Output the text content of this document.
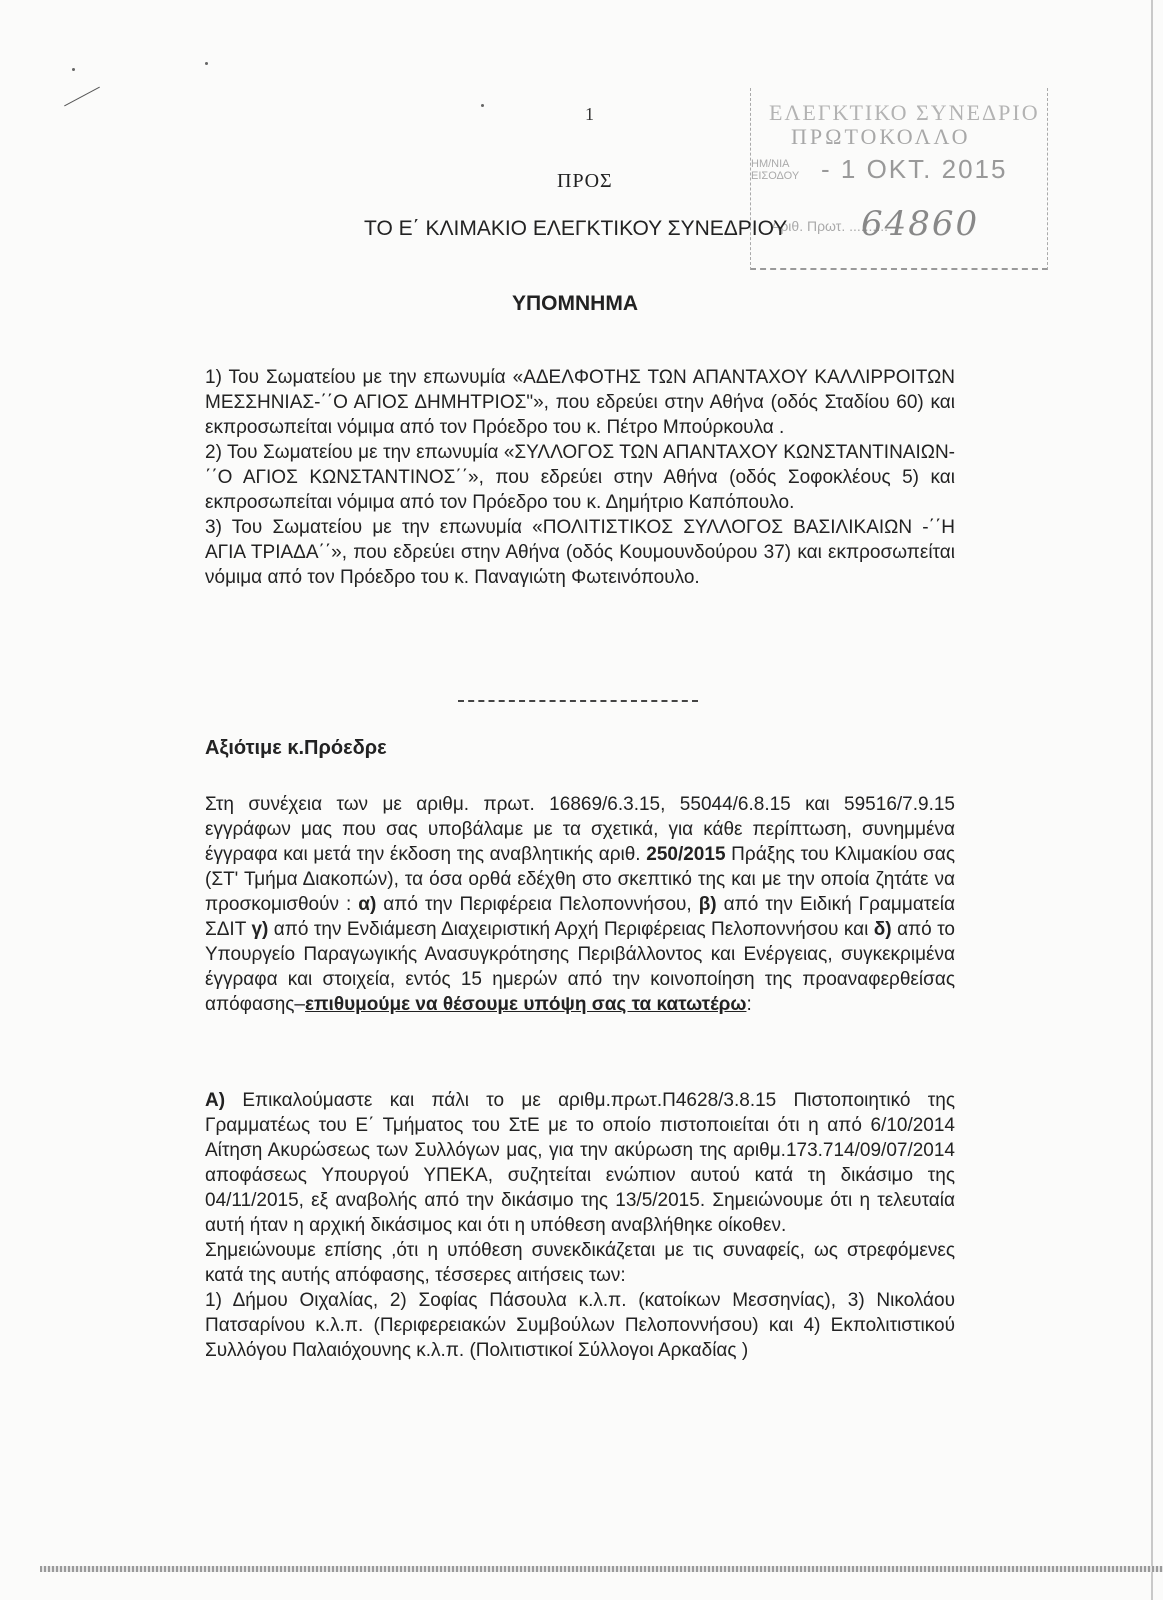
1	ΕΛΕΓΚΤΙΚΟ ΣΥΝΕΔΡΙΟ
ΠΡΩΤΟΚΟΛΛΟ
ΗΜ/ΝΙΑ ΕΙΣΟΔΟΥ - 1 ΟΚΤ. 2015
Αριθ. Πρωτ. ..........
64860
ΠΡΟΣ
ΤΟ Ε΄ ΚΛΙΜΑΚΙΟ ΕΛΕΓΚΤΙΚΟΥ ΣΥΝΕΔΡΙΟΥ
ΥΠΟΜΝΗΜΑ

1) Του Σωματείου με την επωνυμία «ΑΔΕΛΦΟΤΗΣ ΤΩΝ ΑΠΑΝΤΑΧΟΥ ΚΑΛΛΙΡΡΟΙΤΩΝ ΜΕΣΣΗΝΙΑΣ-΄΄Ο ΑΓΙΟΣ ΔΗΜΗΤΡΙΟΣ"», που εδρεύει στην Αθήνα (οδός Σταδίου 60) και εκπροσωπείται νόμιμα από τον Πρόεδρο του κ. Πέτρο Μπούρκουλα .

2) Του Σωματείου με την επωνυμία «ΣΥΛΛΟΓΟΣ ΤΩΝ ΑΠΑΝΤΑΧΟΥ ΚΩΝΣΤΑΝΤΙΝΑΙΩΝ-΄΄Ο ΑΓΙΟΣ ΚΩΝΣΤΑΝΤΙΝΟΣ΄΄», που εδρεύει στην Αθήνα (οδός Σοφοκλέους 5) και εκπροσωπείται νόμιμα από τον Πρόεδρο του κ. Δημήτριο Καπόπουλο.

3) Του Σωματείου με την επωνυμία «ΠΟΛΙΤΙΣΤΙΚΟΣ ΣΥΛΛΟΓΟΣ ΒΑΣΙΛΙΚΑΙΩΝ -΄΄Η ΑΓΙΑ ΤΡΙΑΔΑ΄΄», που εδρεύει στην Αθήνα (οδός Κουμουνδούρου 37) και εκπροσωπείται νόμιμα από τον Πρόεδρο του κ. Παναγιώτη Φωτεινόπουλο.

Αξιότιμε κ.Πρόεδρε

Στη συνέχεια των με αριθμ. πρωτ. 16869/6.3.15, 55044/6.8.15 και 59516/7.9.15 εγγράφων μας που σας υποβάλαμε με τα σχετικά, για κάθε περίπτωση, συνημμένα έγγραφα και μετά την έκδοση της αναβλητικής αριθ. 250/2015 Πράξης του Κλιμακίου σας (ΣΤ' Τμήμα Διακοπών), τα όσα ορθά εδέχθη στο σκεπτικό της και με την οποία ζητάτε να προσκομισθούν : α) από την Περιφέρεια Πελοποννήσου, β) από την Ειδική Γραμματεία ΣΔΙΤ γ) από την Ενδιάμεση Διαχειριστική Αρχή Περιφέρειας Πελοποννήσου και δ) από το Υπουργείο Παραγωγικής Ανασυγκρότησης Περιβάλλοντος και Ενέργειας, συγκεκριμένα έγγραφα και στοιχεία, εντός 15 ημερών από την κοινοποίηση της προαναφερθείσας απόφασης–επιθυμούμε να θέσουμε υπόψη σας τα κατωτέρω:

Α) Επικαλούμαστε και πάλι το με αριθμ.πρωτ.Π4628/3.8.15 Πιστοποιητικό της Γραμματέως του Ε΄ Τμήματος του ΣτΕ με το οποίο πιστοποιείται ότι η από 6/10/2014 Αίτηση Ακυρώσεως των Συλλόγων μας, για την ακύρωση της αριθμ.173.714/09/07/2014 αποφάσεως Υπουργού ΥΠΕΚΑ, συζητείται ενώπιον αυτού κατά τη δικάσιμο της 04/11/2015, εξ αναβολής από την δικάσιμο της 13/5/2015. Σημειώνουμε ότι η τελευταία αυτή ήταν η αρχική δικάσιμος και ότι η υπόθεση αναβλήθηκε οίκοθεν.

Σημειώνουμε επίσης ,ότι η υπόθεση συνεκδικάζεται με τις συναφείς, ως στρεφόμενες κατά της αυτής απόφασης, τέσσερες αιτήσεις των:

1) Δήμου Οιχαλίας, 2) Σοφίας Πάσουλα κ.λ.π. (κατοίκων Μεσσηνίας), 3) Νικολάου Πατσαρίνου κ.λ.π. (Περιφερειακών Συμβούλων Πελοποννήσου) και 4) Εκπολιτιστικού Συλλόγου Παλαιόχουνης κ.λ.π. (Πολιτιστικοί Σύλλογοι Αρκαδίας )
